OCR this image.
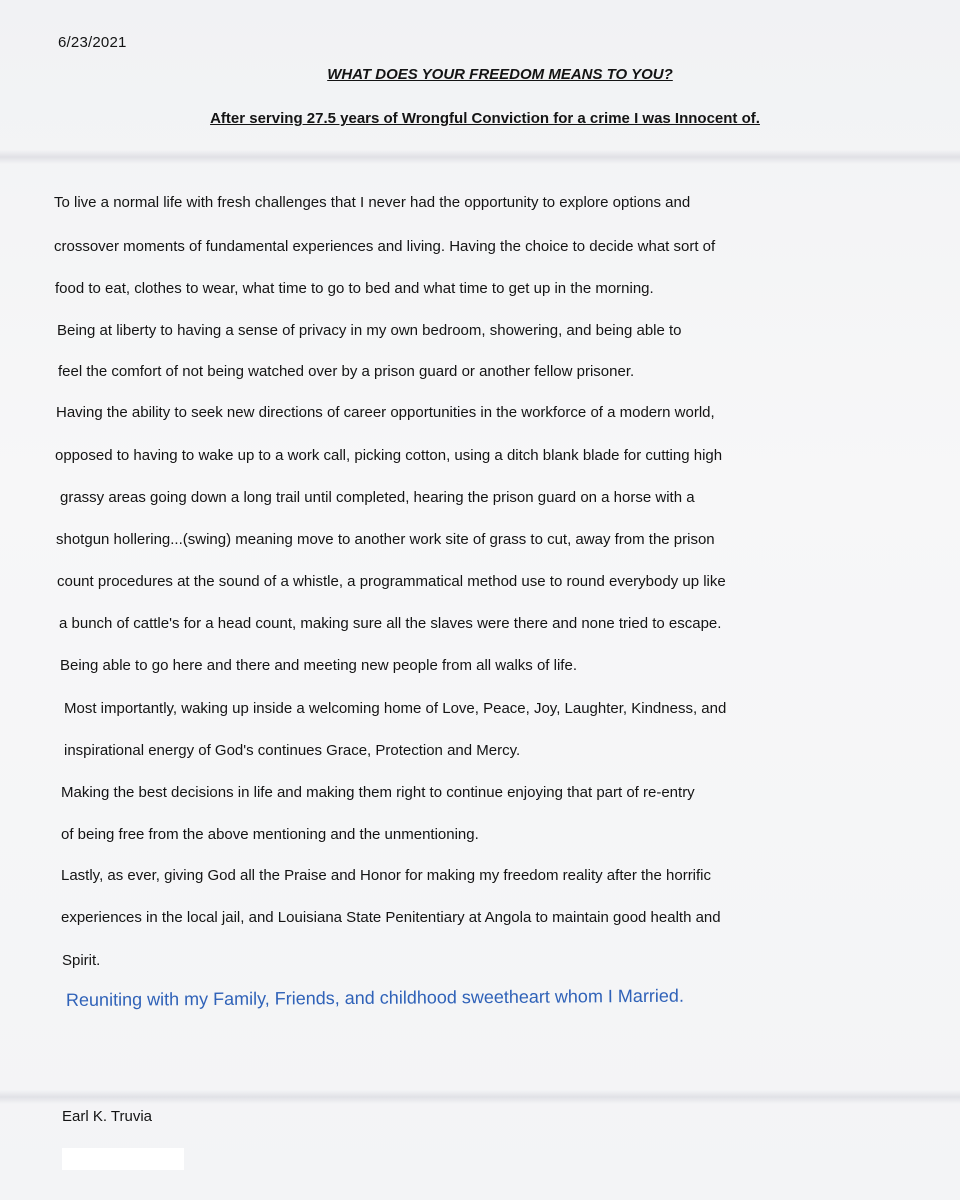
6/23/2021
WHAT DOES YOUR FREEDOM MEANS TO YOU?
After serving 27.5 years of Wrongful Conviction for a crime I was Innocent of.
To live a normal life with fresh challenges that I never had the opportunity to explore options and
crossover moments of fundamental experiences and living. Having the choice to decide what sort of
food to eat, clothes to wear, what time to go to bed and what time to get up in the morning.
Being at liberty to having a sense of privacy in my own bedroom, showering, and being able to
feel the comfort of not being watched over by a prison guard or another fellow prisoner.
Having the ability to seek new directions of career opportunities in the workforce of a modern world,
opposed to having to wake up to a work call, picking cotton, using a ditch blank blade for cutting high
grassy areas going down a long trail until completed, hearing the prison guard on a horse with a
shotgun hollering...(swing) meaning move to another work site of grass to cut, away from the prison
count procedures at the sound of a whistle, a programmatical method use to round everybody up like
a bunch of cattle's for a head count, making sure all the slaves were there and none tried to escape.
Being able to go here and there and meeting new people from all walks of life.
Most importantly, waking up inside a welcoming home of Love, Peace, Joy, Laughter, Kindness, and
inspirational energy of God's continues Grace, Protection and Mercy.
Making the best decisions in life and making them right to continue enjoying that part of re-entry
of being free from the above mentioning and the unmentioning.
Lastly, as ever, giving God all the Praise and Honor for making my freedom reality after the horrific
experiences in the local jail, and Louisiana State Penitentiary at Angola to maintain good health and
Spirit.
Reuniting with my Family, Friends, and childhood sweetheart whom I Married.
Earl K. Truvia
